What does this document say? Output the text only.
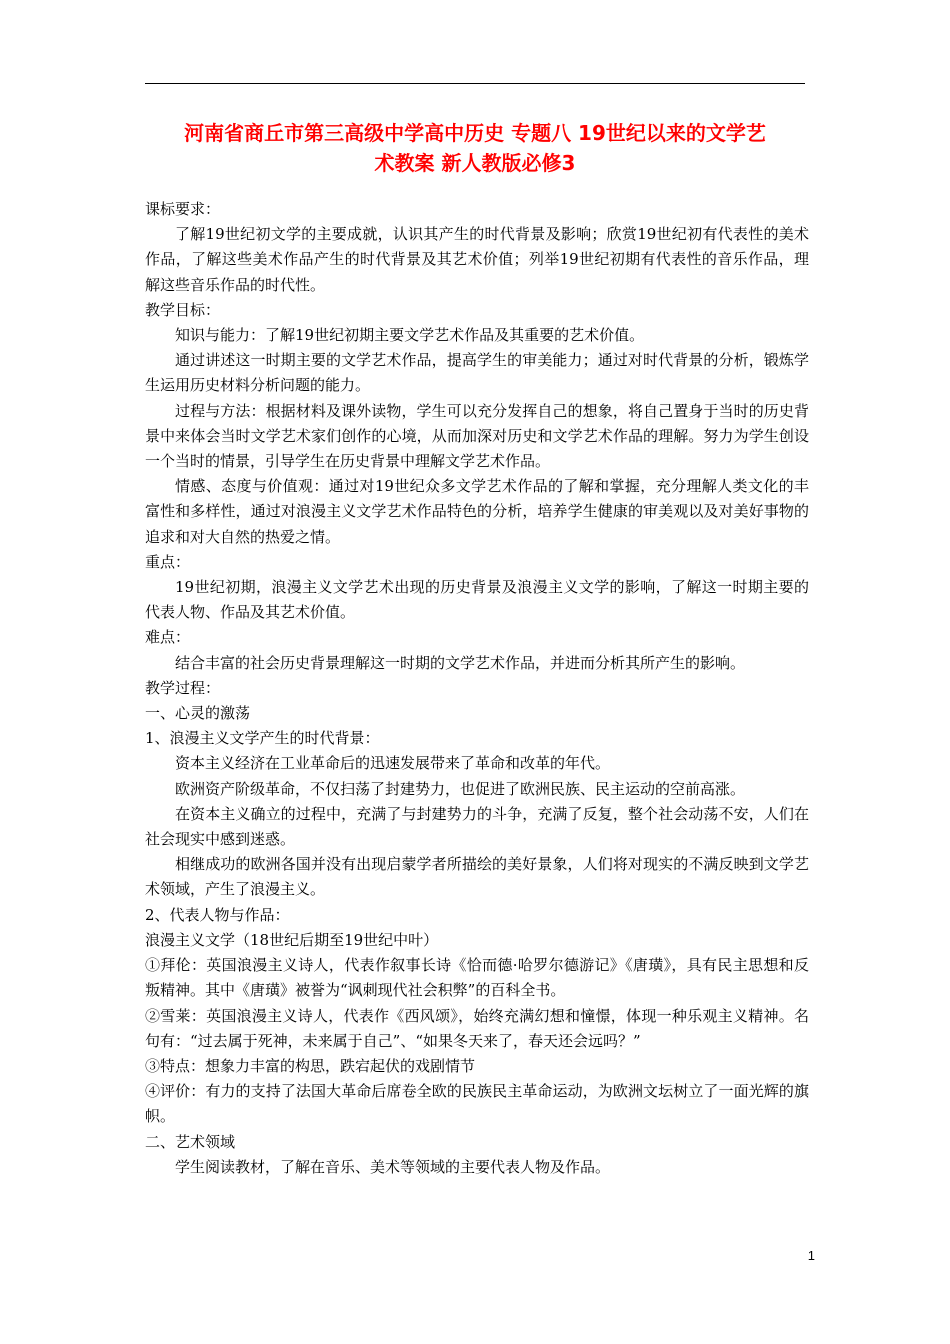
河南省商丘市第三高级中学高中历史 专题八 19世纪以来的文学艺
术教案 新人教版必修3

课标要求：

了解19世纪初文学的主要成就，认识其产生的时代背景及影响；欣赏19世纪初有代表性的美术作品，了解这些美术作品产生的时代背景及其艺术价值；列举19世纪初期有代表性的音乐作品，理解这些音乐作品的时代性。

教学目标：

知识与能力：了解19世纪初期主要文学艺术作品及其重要的艺术价值。

通过讲述这一时期主要的文学艺术作品，提高学生的审美能力；通过对时代背景的分析，锻炼学生运用历史材料分析问题的能力。

过程与方法：根据材料及课外读物，学生可以充分发挥自己的想象，将自己置身于当时的历史背景中来体会当时文学艺术家们创作的心境，从而加深对历史和文学艺术作品的理解。努力为学生创设一个当时的情景，引导学生在历史背景中理解文学艺术作品。

情感、态度与价值观：通过对19世纪众多文学艺术作品的了解和掌握，充分理解人类文化的丰富性和多样性，通过对浪漫主义文学艺术作品特色的分析，培养学生健康的审美观以及对美好事物的追求和对大自然的热爱之情。

重点：

19世纪初期，浪漫主义文学艺术出现的历史背景及浪漫主义文学的影响，了解这一时期主要的代表人物、作品及其艺术价值。

难点：

结合丰富的社会历史背景理解这一时期的文学艺术作品，并进而分析其所产生的影响。

教学过程：

一、心灵的激荡

1、浪漫主义文学产生的时代背景：

资本主义经济在工业革命后的迅速发展带来了革命和改革的年代。

欧洲资产阶级革命，不仅扫荡了封建势力，也促进了欧洲民族、民主运动的空前高涨。

在资本主义确立的过程中，充满了与封建势力的斗争，充满了反复，整个社会动荡不安，人们在社会现实中感到迷惑。

相继成功的欧洲各国并没有出现启蒙学者所描绘的美好景象，人们将对现实的不满反映到文学艺术领域，产生了浪漫主义。

2、代表人物与作品：

浪漫主义文学（18世纪后期至19世纪中叶）

①拜伦：英国浪漫主义诗人，代表作叙事长诗《恰而德·哈罗尔德游记》《唐璜》，具有民主思想和反叛精神。其中《唐璜》被誉为“讽刺现代社会积弊”的百科全书。

②雪莱：英国浪漫主义诗人，代表作《西风颂》，始终充满幻想和憧憬，体现一种乐观主义精神。名句有：“过去属于死神，未来属于自己”、“如果冬天来了，春天还会远吗？”

③特点：想象力丰富的构思，跌宕起伏的戏剧情节

④评价：有力的支持了法国大革命后席卷全欧的民族民主革命运动，为欧洲文坛树立了一面光辉的旗帜。

二、艺术领域

学生阅读教材，了解在音乐、美术等领域的主要代表人物及作品。

1
